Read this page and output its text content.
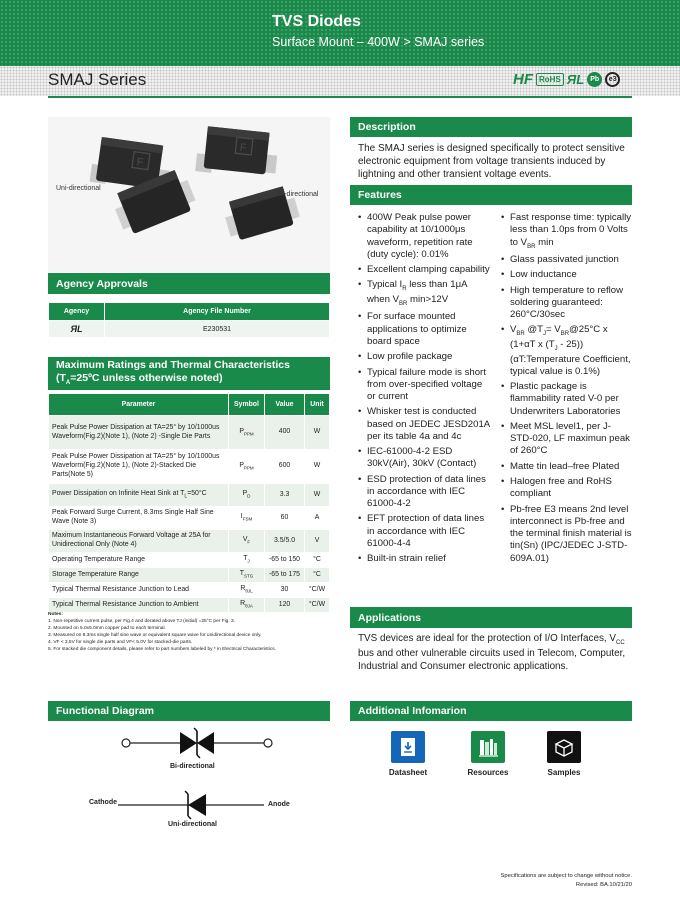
TVS Diodes
Surface Mount – 400W > SMAJ series
SMAJ Series	HF RoHS ЯL Pb	e3
F
F
Uni-directional
Bi-directional
Agency Approvals
Agency	Agency File Number
ЯL	E230531
Maximum Ratings and Thermal Characteristics
($T_A=25ºC$ unless otherwise noted)
Parameter	Symbol	Value	Unit
Peak Pulse Power Dissipation at TA=25° by 10/1000us Waveform(Fig.2)(Note 1), (Note 2) -Single Die Parts	$P_{PPM}$	400	W
Peak Pulse Power Dissipation at TA=25° by 10/1000us Waveform(Fig.2)(Note 1), (Note 2)-Stacked Die Parts(Note 5)	$P_{PPM}$	600	W
Power Dissipation on Infinite Heat Sink at $T_L=50^\circ C$	$P_D$	3.3	W
Peak Forward Surge Current, 8.3ms Single Half Sine Wave (Note 3)	$I_{FSM}$	60	A
Maximum Instantaneous Forward Voltage at 25A for Unidirectional Only (Note 4)	$V_F$	3.5/5.0	V
Operating Temperature Range	$T_J$	-65 to 150	°C
Storage Temperature Range	$T_{STG}$	-65 to 175	°C
Typical Thermal Resistance Junction to Lead	$R_{\theta JL}$	30	°C/W
Typical Thermal Resistance Junction to Ambient	$R_{\theta JA}$	120	°C/W
Notes:
1. Non-repetitive current pulse, per Fig.4 and derated above TJ (initial) =25°C per Fig. 3.
2. Mounted on 5.0x5.0mm copper pad to each terminal.
3. Measured on 8.3ms single half sine wave or equivalent square wave for unidirectional device only.
4. VF < 3.5V for single die parts and VF< 5.0V for stacked-die parts.
5. For stacked die component details, please refer to part numbers labeled by * in Electrical Characteristics.
Description
The SMAJ series is designed specifically to protect sensitive electronic equipment from voltage transients induced by lightning and other transient voltage events.
Features
• 400W Peak pulse power capability at 10/1000μs waveform, repetition rate (duty cycle): 0.01%
• Excellent clamping capability
• Typical $I_R$ less than 1μA when $V_{BR}$ min>12V
• For surface mounted applications to optimize board space
• Low profile package
• Typical failure mode is short from over-specified voltage or current
• Whisker test is conducted based on JEDEC JESD201A per its table 4a and 4c
• IEC-61000-4-2 ESD 30kV(Air), 30kV (Contact)
• ESD protection of data lines in accordance with IEC 61000-4-2
• EFT protection of data lines in accordance with IEC 61000-4-4
• Built-in strain relief
• Fast response time: typically less than 1.0ps from 0 Volts to $V_{BR}$ min
• Glass passivated junction
• Low inductance
• High temperature to reflow soldering guaranteed: 260°C/30sec
• $V_{BR}$ $@T_J=$ $V_{BR}@25^\circ C$ x (1+αT x $(T_J - 25)$) (αT:Temperature Coefficient, typical value is 0.1%)
• Plastic package is flammability rated V-0 per Underwriters Laboratories
• Meet MSL level1, per J-STD-020, LF maximun peak of 260°C
• Matte tin lead–free Plated
• Halogen free and RoHS compliant
• Pb-free E3 means 2nd level interconnect is Pb-free and the terminal finish material is tin(Sn) (IPC/JEDEC J-STD-609A.01)
Applications
TVS devices are ideal for the protection of I/O Interfaces, $V_{CC}$ bus and other vulnerable circuits used in Telecom, Computer, Industrial and Consumer electronic applications.
Functional Diagram
Bi-directional
Cathode	Anode
Uni-directional
Additional Infomarion
Datasheet	Resources	Samples
Specifications are subject to change without notice.
Revised: BA.10/21/20
